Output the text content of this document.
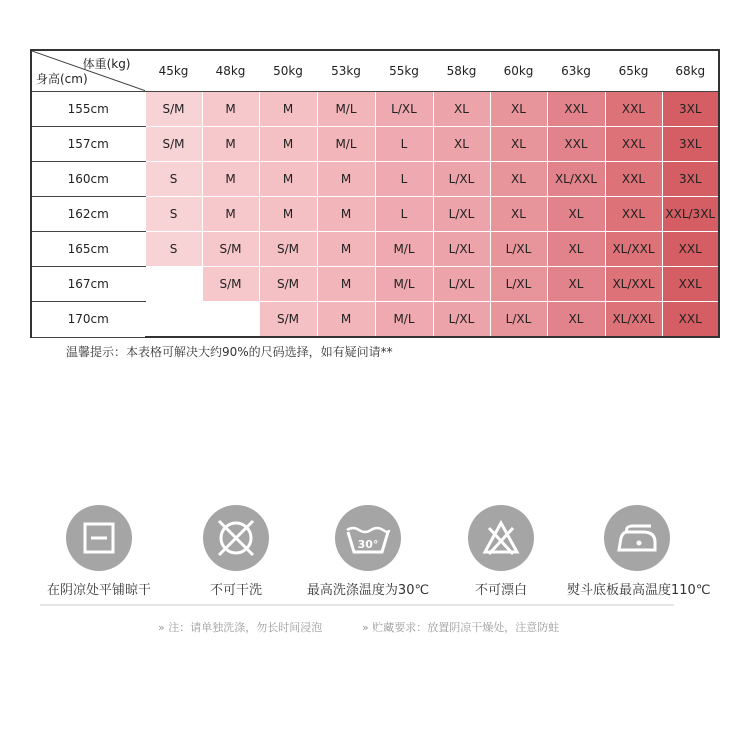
体重(kg)
身高(cm)	45kg	48kg	50kg	53kg	55kg	58kg	60kg	63kg	65kg	68kg
155cm	S/M	M	M	M/L	L/XL	XL	XL	XXL	XXL	3XL
157cm	S/M	M	M	M/L	L	XL	XL	XXL	XXL	3XL
160cm	S	M	M	M	L	L/XL	XL	XL/XXL	XXL	3XL
162cm	S	M	M	M	L	L/XL	XL	XL	XXL	XXL/3XL
165cm	S	S/M	S/M	M	M/L	L/XL	L/XL	XL	XL/XXL	XXL
167cm		S/M	S/M	M	M/L	L/XL	L/XL	XL	XL/XXL	XXL
170cm			S/M	M	M/L	L/XL	L/XL	XL	XL/XXL	XXL
温馨提示：本表格可解决大约90%的尺码选择，如有疑问请**
在阴凉处平铺晾干	不可干洗
30°
最高洗涤温度为30℃	不可漂白	熨斗底板最高温度110℃
» 注：请单独洗涤，勿长时间浸泡	» 贮藏要求：放置阴凉干燥处，注意防蛀
